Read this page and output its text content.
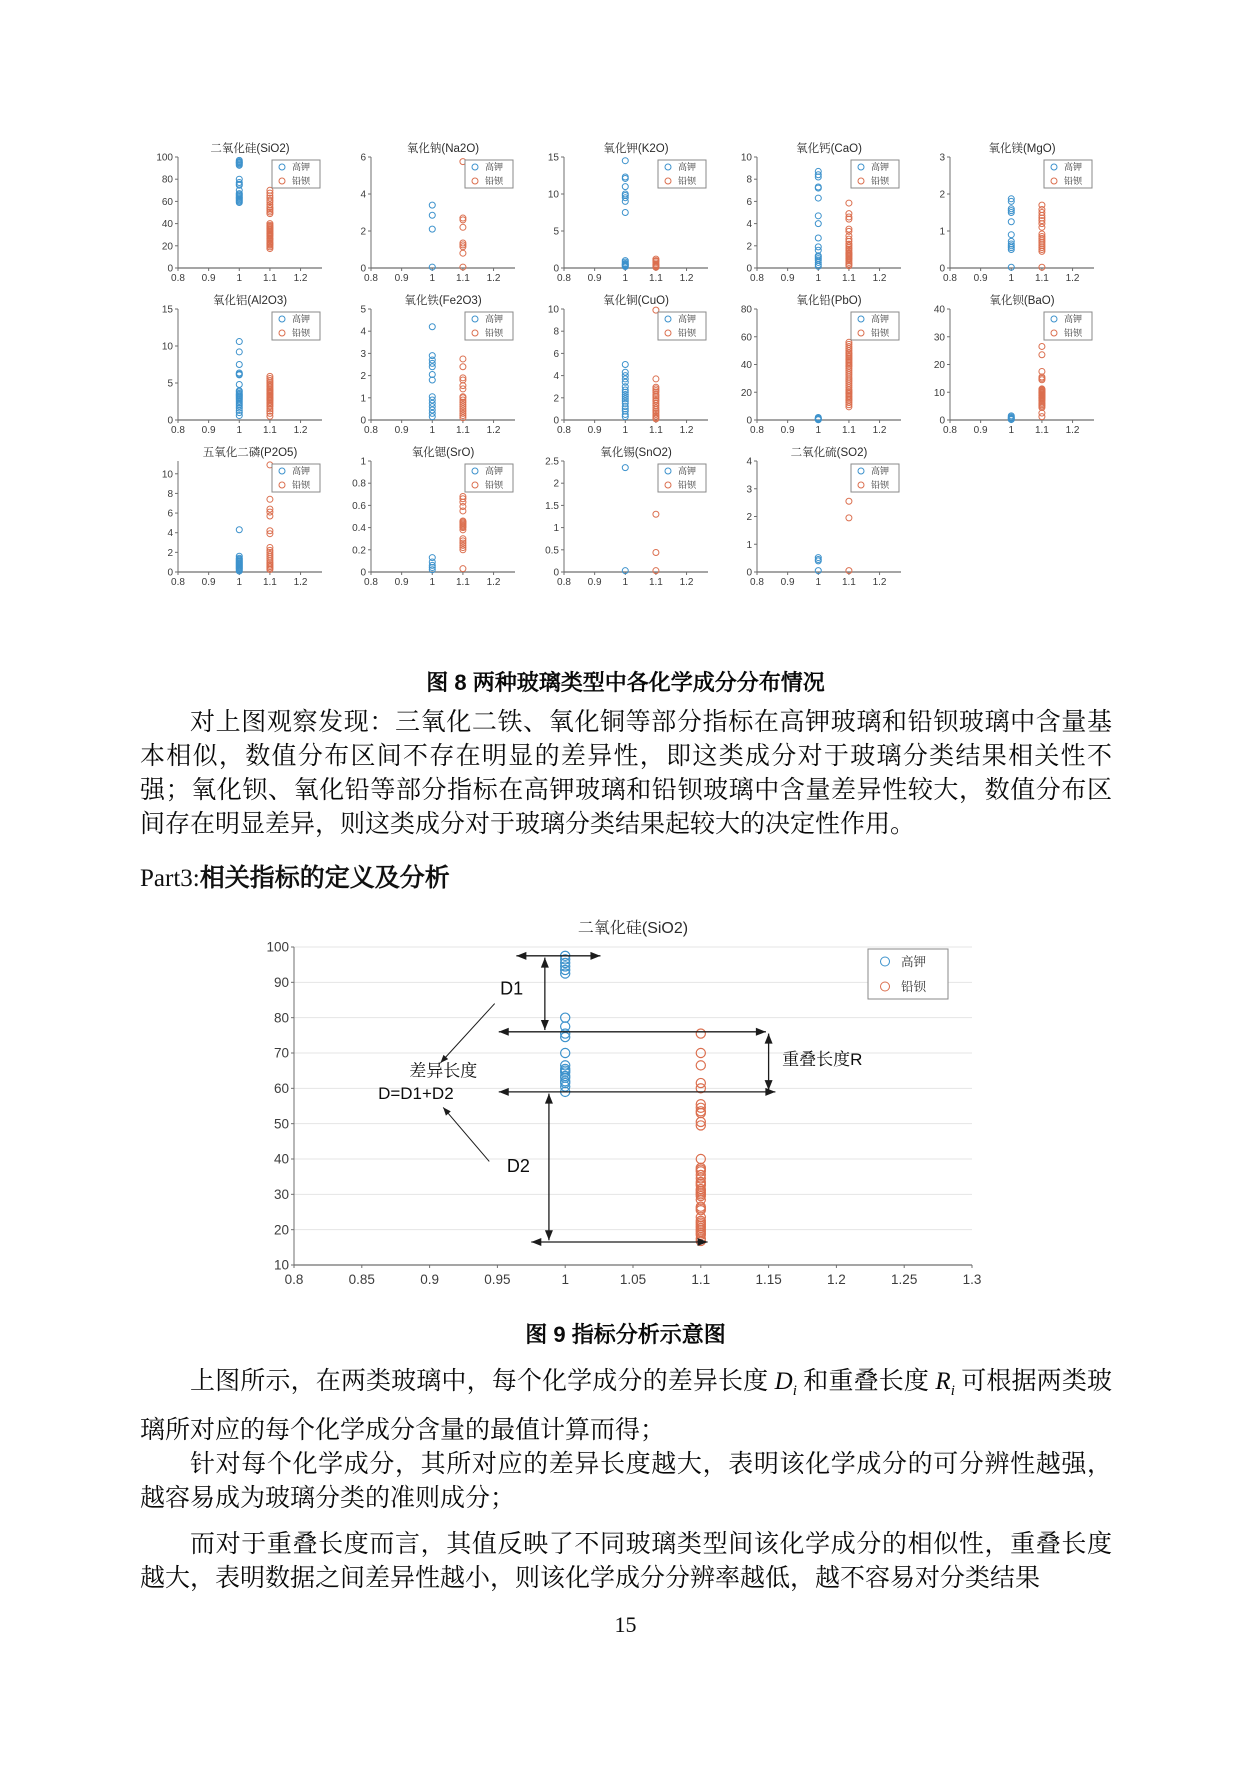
0.8 0.9 1 1.1 1.2
0
20
40
60
80
100
二氧化硅(SiO2)
高钾
铅钡
0.8 0.9 1 1.1 1.2
0
2
4
6
氧化钠(Na2O)
高钾
铅钡
0.8 0.9 1 1.1 1.2
0
5
10
15
氧化钾(K2O)
高钾
铅钡
0.8 0.9 1 1.1 1.2
0
2
4
6
8
10
氧化钙(CaO)
高钾
铅钡
0.8 0.9 1 1.1 1.2
0
1
2
3
氧化镁(MgO)
高钾
铅钡
0.8 0.9 1 1.1 1.2
0
5
10
15
氧化铝(Al2O3)
高钾
铅钡
0.8 0.9 1 1.1 1.2
0
1
2
3
4
5
氧化铁(Fe2O3)
高钾
铅钡
0.8 0.9 1 1.1 1.2
0
2
4
6
8
10
氧化铜(CuO)
高钾
铅钡
0.8 0.9 1 1.1 1.2
0
20
40
60
80
氧化铅(PbO)
高钾
铅钡
0.8 0.9 1 1.1 1.2
0
10
20
30
40
氧化钡(BaO)
高钾
铅钡
0.8 0.9 1 1.1 1.2
0
2
4
6
8
10
五氧化二磷(P2O5)
高钾
铅钡
0.8 0.9 1 1.1 1.2
0
0.2
0.4
0.6
0.8
1
氧化锶(SrO)
高钾
铅钡
0.8 0.9 1 1.1 1.2
0
0.5
1
1.5
2
2.5
氧化锡(SnO2)
高钾
铅钡
0.8 0.9 1 1.1 1.2
0
1
2
3
4
二氧化硫(SO2)
高钾
铅钡
图 8 两种玻璃类型中各化学成分分布情况

对上图观察发现：三氧化二铁、氧化铜等部分指标在高钾玻璃和铅钡玻璃中含量基本相似，数值分布区间不存在明显的差异性，即这类成分对于玻璃分类结果相关性不强；氧化钡、氧化铅等部分指标在高钾玻璃和铅钡玻璃中含量差异性较大，数值分布区间存在明显差异，则这类成分对于玻璃分类结果起较大的决定性作用。

Part3:相关指标的定义及分析
0.8	0.85	0.9	0.95	1	1.05	1.1	1.15	1.2	1.25	1.3
10
20
30
40
50
60
70
80
90
100
二氧化硅(SiO2)
高钾
铅钡
D1
D2
差异长度
D=D1+D2
重叠长度R
图 9 指标分析示意图

上图所示，在两类玻璃中，每个化学成分的差异长度 $D_i$ 和重叠长度 $R_i$ 可根据两类玻璃所对应的每个化学成分含量的最值计算而得；

针对每个化学成分，其所对应的差异长度越大，表明该化学成分的可分辨性越强，越容易成为玻璃分类的准则成分；

而对于重叠长度而言，其值反映了不同玻璃类型间该化学成分的相似性，重叠长度越大，表明数据之间差异性越小，则该化学成分分辨率越低，越不容易对分类结果

15
